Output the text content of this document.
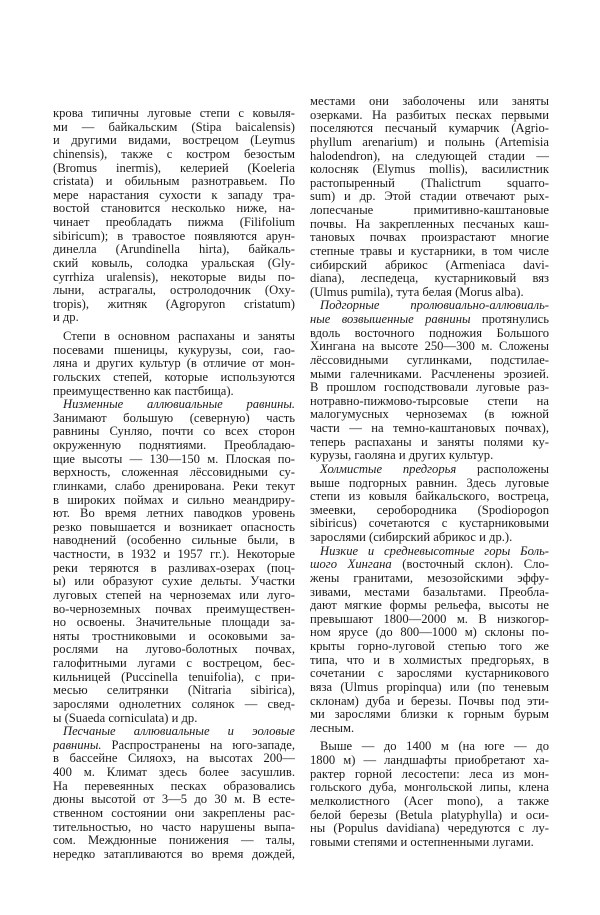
крова типичны луговые степи с ковыля-
ми — байкальским (Stipa baicalensis)
и другими видами, вострецом (Leymus
chinensis), также с костром безостым
(Bromus inermis), келерией (Koeleria
cristata) и обильным разнотравьем. По
мере нарастания сухости к западу тра-
востой становится несколько ниже, на-
чинает преобладать пижма (Filifolium
sibiricum); в травостое появляются арун-
динелла (Arundinella hirta), байкаль-
ский ковыль, солодка уральская (Gly-
cyrrhiza uralensis), некоторые виды по-
лыни, астрагалы, остролодочник (Oxy-
tropis), житняк (Agropyron cristatum)
и др.
Степи в основном распаханы и заняты
посевами пшеницы, кукурузы, сои, гао-
ляна и других культур (в отличие от мон-
гольских степей, которые используются
преимущественно как пастбища).
Низменные аллювиальные равнины.
Занимают большую (северную) часть
равнины Сунляо, почти со всех сторон
окруженную поднятиями. Преобладаю-
щие высоты — 130—150 м. Плоская по-
верхность, сложенная лёссовидными су-
глинками, слабо дренирована. Реки текут
в широких поймах и сильно меандриру-
ют. Во время летних паводков уровень
резко повышается и возникает опасность
наводнений (особенно сильные были, в
частности, в 1932 и 1957 гг.). Некоторые
реки теряются в разливах-озерах (поц-
ы) или образуют сухие дельты. Участки
луговых степей на черноземах или луго-
во-черноземных почвах преимуществен-
но освоены. Значительные площади за-
няты тростниковыми и осоковыми за-
рослями на лугово-болотных почвах,
галофитными лугами с вострецом, бес-
кильницей (Puccinella tenuifolia), с при-
месью селитрянки (Nitraria sibirica),
зарослями однолетних солянок — свед-
ы (Suaeda corniculata) и др.
Песчаные аллювиальные и эоловые
равнины. Распространены на юго-западе,
в бассейне Силяохэ, на высотах 200—
400 м. Климат здесь более засушлив.
На перевеянных песках образовались
дюны высотой от 3—5 до 30 м. В есте-
ственном состоянии они закреплены рас-
тительностью, но часто нарушены выпа-
сом. Междюнные понижения — талы,
нередко затапливаются во время дождей,
местами они заболочены или заняты
озерками. На разбитых песках первыми
поселяются песчаный кумарчик (Agrio-
phyllum arenarium) и полынь (Artemisia
halodendron), на следующей стадии —
колосняк (Elymus mollis), василистник
растопыренный (Thalictrum squarro-
sum) и др. Этой стадии отвечают рых-
лопесчаные примитивно-каштановые
почвы. На закрепленных песчаных каш-
тановых почвах произрастают многие
степные травы и кустарники, в том числе
сибирский абрикос (Armeniaca davi-
diana), леспедеца, кустарниковый вяз
(Ulmus pumila), тута белая (Morus alba).
Подгорные пролювиально-аллювиаль-
ные возвышенные равнины протянулись
вдоль восточного подножия Большого
Хингана на высоте 250—300 м. Сложены
лёссовидными суглинками, подстилае-
мыми галечниками. Расчленены эрозией.
В прошлом господствовали луговые раз-
нотравно-пижмово-тырсовые степи на
малогумусных черноземах (в южной
части — на темно-каштановых почвах),
теперь распаханы и заняты полями ку-
курузы, гаоляна и других культур.
Холмистые предгорья расположены
выше подгорных равнин. Здесь луговые
степи из ковыля байкальского, востреца,
змеевки, серобородника (Spodiopogon
sibiricus) сочетаются с кустарниковыми
зарослями (сибирский абрикос и др.).
Низкие и средневысотные горы Боль-
шого Хингана (восточный склон). Сло-
жены гранитами, мезозойскими эффу-
зивами, местами базальтами. Преобла-
дают мягкие формы рельефа, высоты не
превышают 1800—2000 м. В низкогор-
ном ярусе (до 800—1000 м) склоны по-
крыты горно-луговой степью того же
типа, что и в холмистых предгорьях, в
сочетании с зарослями кустарникового
вяза (Ulmus propinqua) или (по теневым
склонам) дуба и березы. Почвы под эти-
ми зарослями близки к горным бурым
лесным.
Выше — до 1400 м (на юге — до
1800 м) — ландшафты приобретают ха-
рактер горной лесостепи: леса из мон-
гольского дуба, монгольской липы, клена
мелколистного (Acer mono), а также
белой березы (Betula platyphylla) и оси-
ны (Populus davidiana) чередуются с лу-
говыми степями и остепненными лугами.
